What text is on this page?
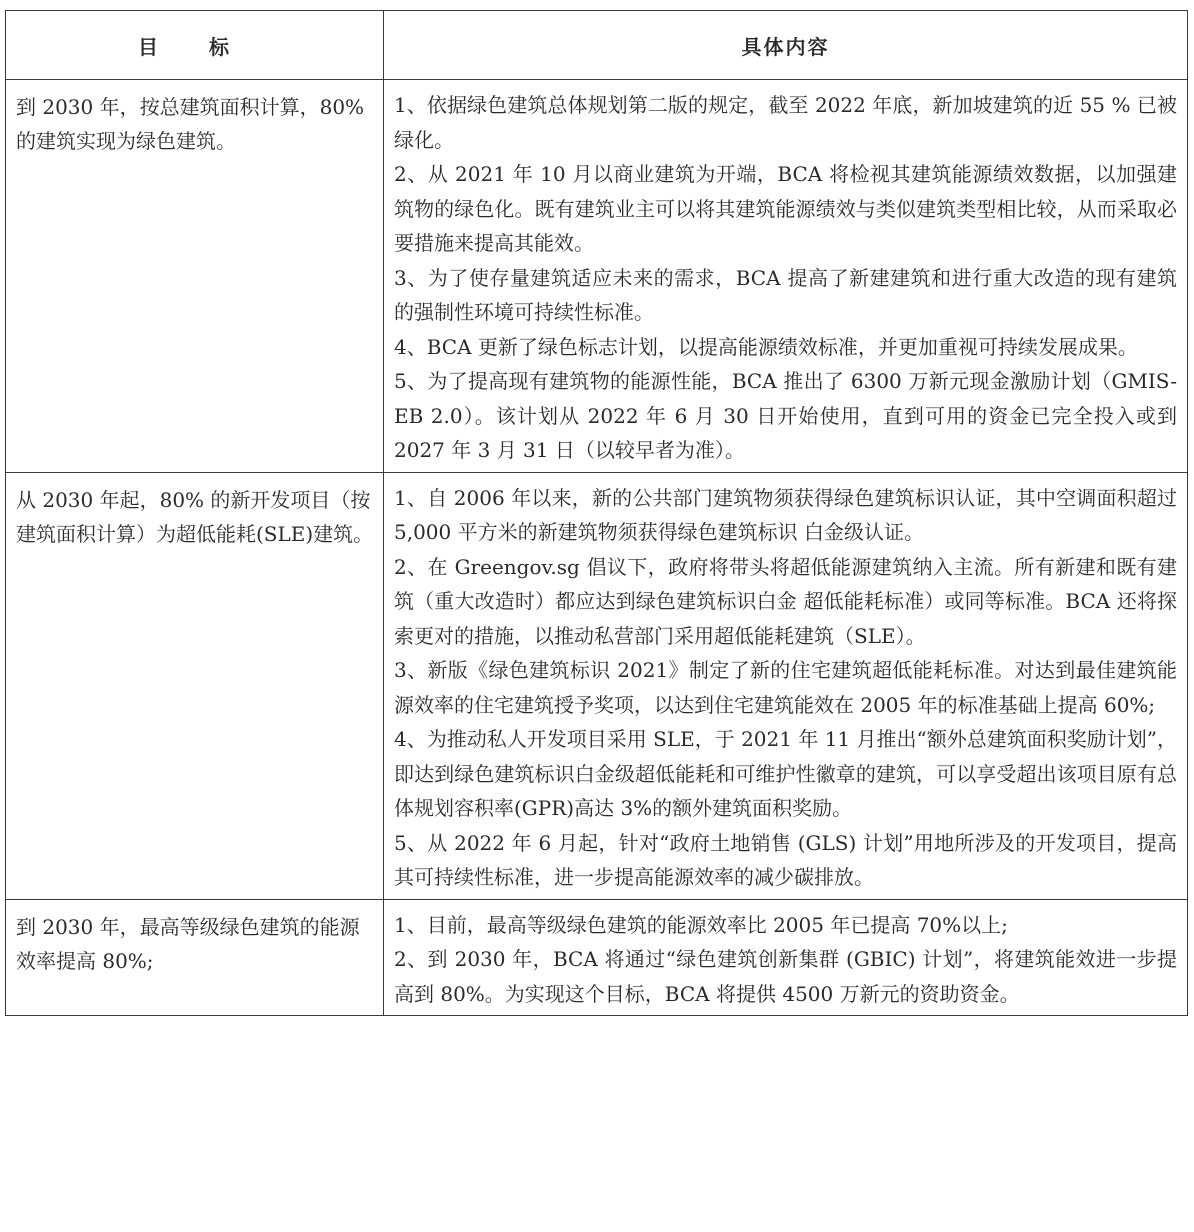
目 标	具体内容
到 2030 年，按总建筑面积计算，80% 的建筑实现为绿色建筑。	1、依据绿色建筑总体规划第二版的规定，截至 2022 年底，新加坡建筑的近 55 % 已被绿化。
2、从 2021 年 10 月以商业建筑为开端，BCA 将检视其建筑能源绩效数据，以加强建筑物的绿色化。既有建筑业主可以将其建筑能源绩效与类似建筑类型相比较，从而采取必要措施来提高其能效。
3、为了使存量建筑适应未来的需求，BCA 提高了新建建筑和进行重大改造的现有建筑的强制性环境可持续性标准。
4、BCA 更新了绿色标志计划，以提高能源绩效标准，并更加重视可持续发展成果。
5、为了提高现有建筑物的能源性能，BCA 推出了 6300 万新元现金激励计划（GMIS-EB 2.0）。该计划从 2022 年 6 月 30 日开始使用，直到可用的资金已完全投入或到 2027 年 3 月 31 日（以较早者为准）。

从 2030 年起，80% 的新开发项目（按建筑面积计算）为超低能耗(SLE)建筑。	1、自 2006 年以来，新的公共部门建筑物须获得绿色建筑标识认证，其中空调面积超过 5,000 平方米的新建筑物须获得绿色建筑标识 白金级认证。
2、在 Greengov.sg 倡议下，政府将带头将超低能源建筑纳入主流。所有新建和既有建筑（重大改造时）都应达到绿色建筑标识白金 超低能耗标准）或同等标准。BCA 还将探索更对的措施，以推动私营部门采用超低能耗建筑（SLE）。
3、新版《绿色建筑标识 2021》制定了新的住宅建筑超低能耗标准。对达到最佳建筑能源效率的住宅建筑授予奖项，以达到住宅建筑能效在 2005 年的标准基础上提高 60%;
4、为推动私人开发项目采用 SLE，于 2021 年 11 月推出“额外总建筑面积奖励计划”，即达到绿色建筑标识白金级超低能耗和可维护性徽章的建筑，可以享受超出该项目原有总体规划容积率(GPR)高达 3%的额外建筑面积奖励。
5、从 2022 年 6 月起，针对“政府土地销售 (GLS) 计划”用地所涉及的开发项目，提高其可持续性标准，进一步提高能源效率的减少碳排放。

到 2030 年，最高等级绿色建筑的能源效率提高 80%;	1、目前，最高等级绿色建筑的能源效率比 2005 年已提高 70%以上;
2、到 2030 年，BCA 将通过“绿色建筑创新集群 (GBIC) 计划”，将建筑能效进一步提高到 80%。为实现这个目标，BCA 将提供 4500 万新元的资助资金。
